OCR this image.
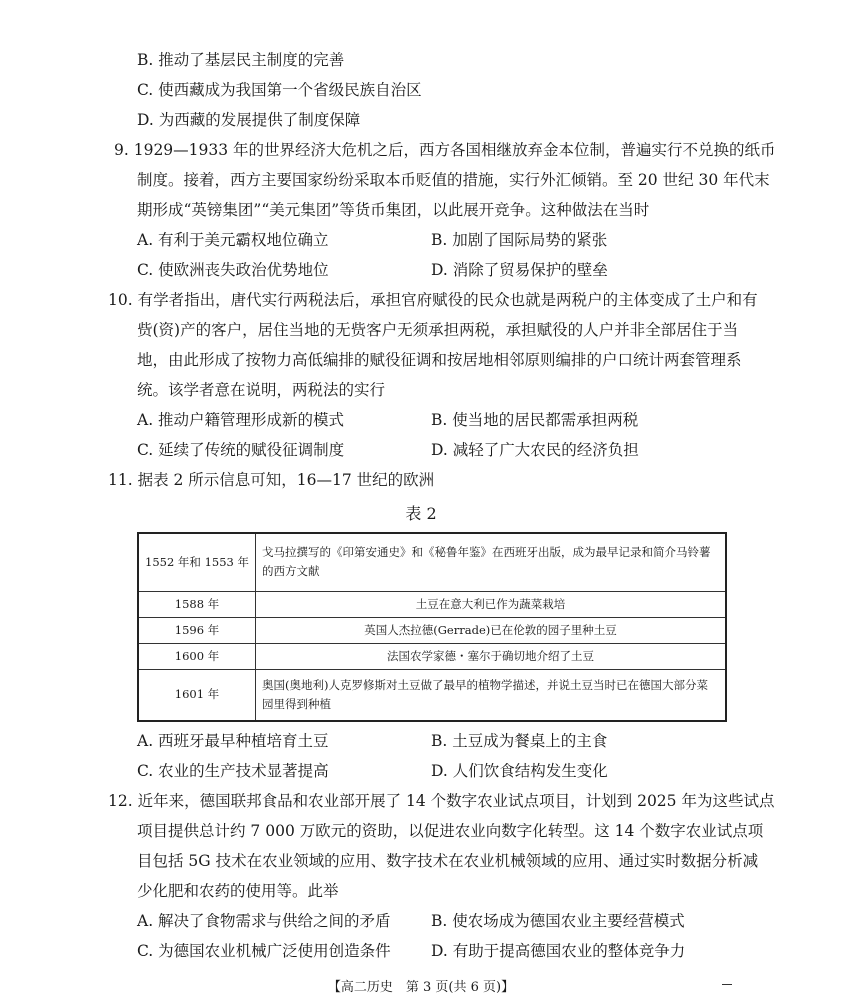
B. 推动了基层民主制度的完善
C. 使西藏成为我国第一个省级民族自治区
D. 为西藏的发展提供了制度保障
9. 1929—1933 年的世界经济大危机之后，西方各国相继放弃金本位制，普遍实行不兑换的纸币
制度。接着，西方主要国家纷纷采取本币贬值的措施，实行外汇倾销。至 20 世纪 30 年代末
期形成“英镑集团”“美元集团”等货币集团，以此展开竞争。这种做法在当时
A. 有利于美元霸权地位确立	B. 加剧了国际局势的紧张
C. 使欧洲丧失政治优势地位	D. 消除了贸易保护的壁垒
10. 有学者指出，唐代实行两税法后，承担官府赋役的民众也就是两税户的主体变成了土户和有
赀(资)产的客户，居住当地的无赀客户无须承担两税，承担赋役的人户并非全部居住于当
地，由此形成了按物力高低编排的赋役征调和按居地相邻原则编排的户口统计两套管理系
统。该学者意在说明，两税法的实行
A. 推动户籍管理形成新的模式	B. 使当地的居民都需承担两税
C. 延续了传统的赋役征调制度	D. 减轻了广大农民的经济负担
11. 据表 2 所示信息可知，16—17 世纪的欧洲
表 2
1552 年和 1553 年	戈马拉撰写的《印第安通史》和《秘鲁年鉴》在西班牙出版，成为最早记录和简介马铃薯的西方文献
1588 年	土豆在意大利已作为蔬菜栽培
1596 年	英国人杰拉德(Gerrade)已在伦敦的园子里种土豆
1600 年	法国农学家德・塞尔于确切地介绍了土豆
1601 年	奥国(奥地利)人克罗修斯对土豆做了最早的植物学描述，并说土豆当时已在德国大部分菜园里得到种植
A. 西班牙最早种植培育土豆	B. 土豆成为餐桌上的主食
C. 农业的生产技术显著提高	D. 人们饮食结构发生变化
12. 近年来，德国联邦食品和农业部开展了 14 个数字农业试点项目，计划到 2025 年为这些试点
项目提供总计约 7 000 万欧元的资助，以促进农业向数字化转型。这 14 个数字农业试点项
目包括 5G 技术在农业领域的应用、数字技术在农业机械领域的应用、通过实时数据分析减
少化肥和农药的使用等。此举
A. 解决了食物需求与供给之间的矛盾	B. 使农场成为德国农业主要经营模式
C. 为德国农业机械广泛使用创造条件	D. 有助于提高德国农业的整体竞争力
【高二历史　第 3 页(共 6 页)】
